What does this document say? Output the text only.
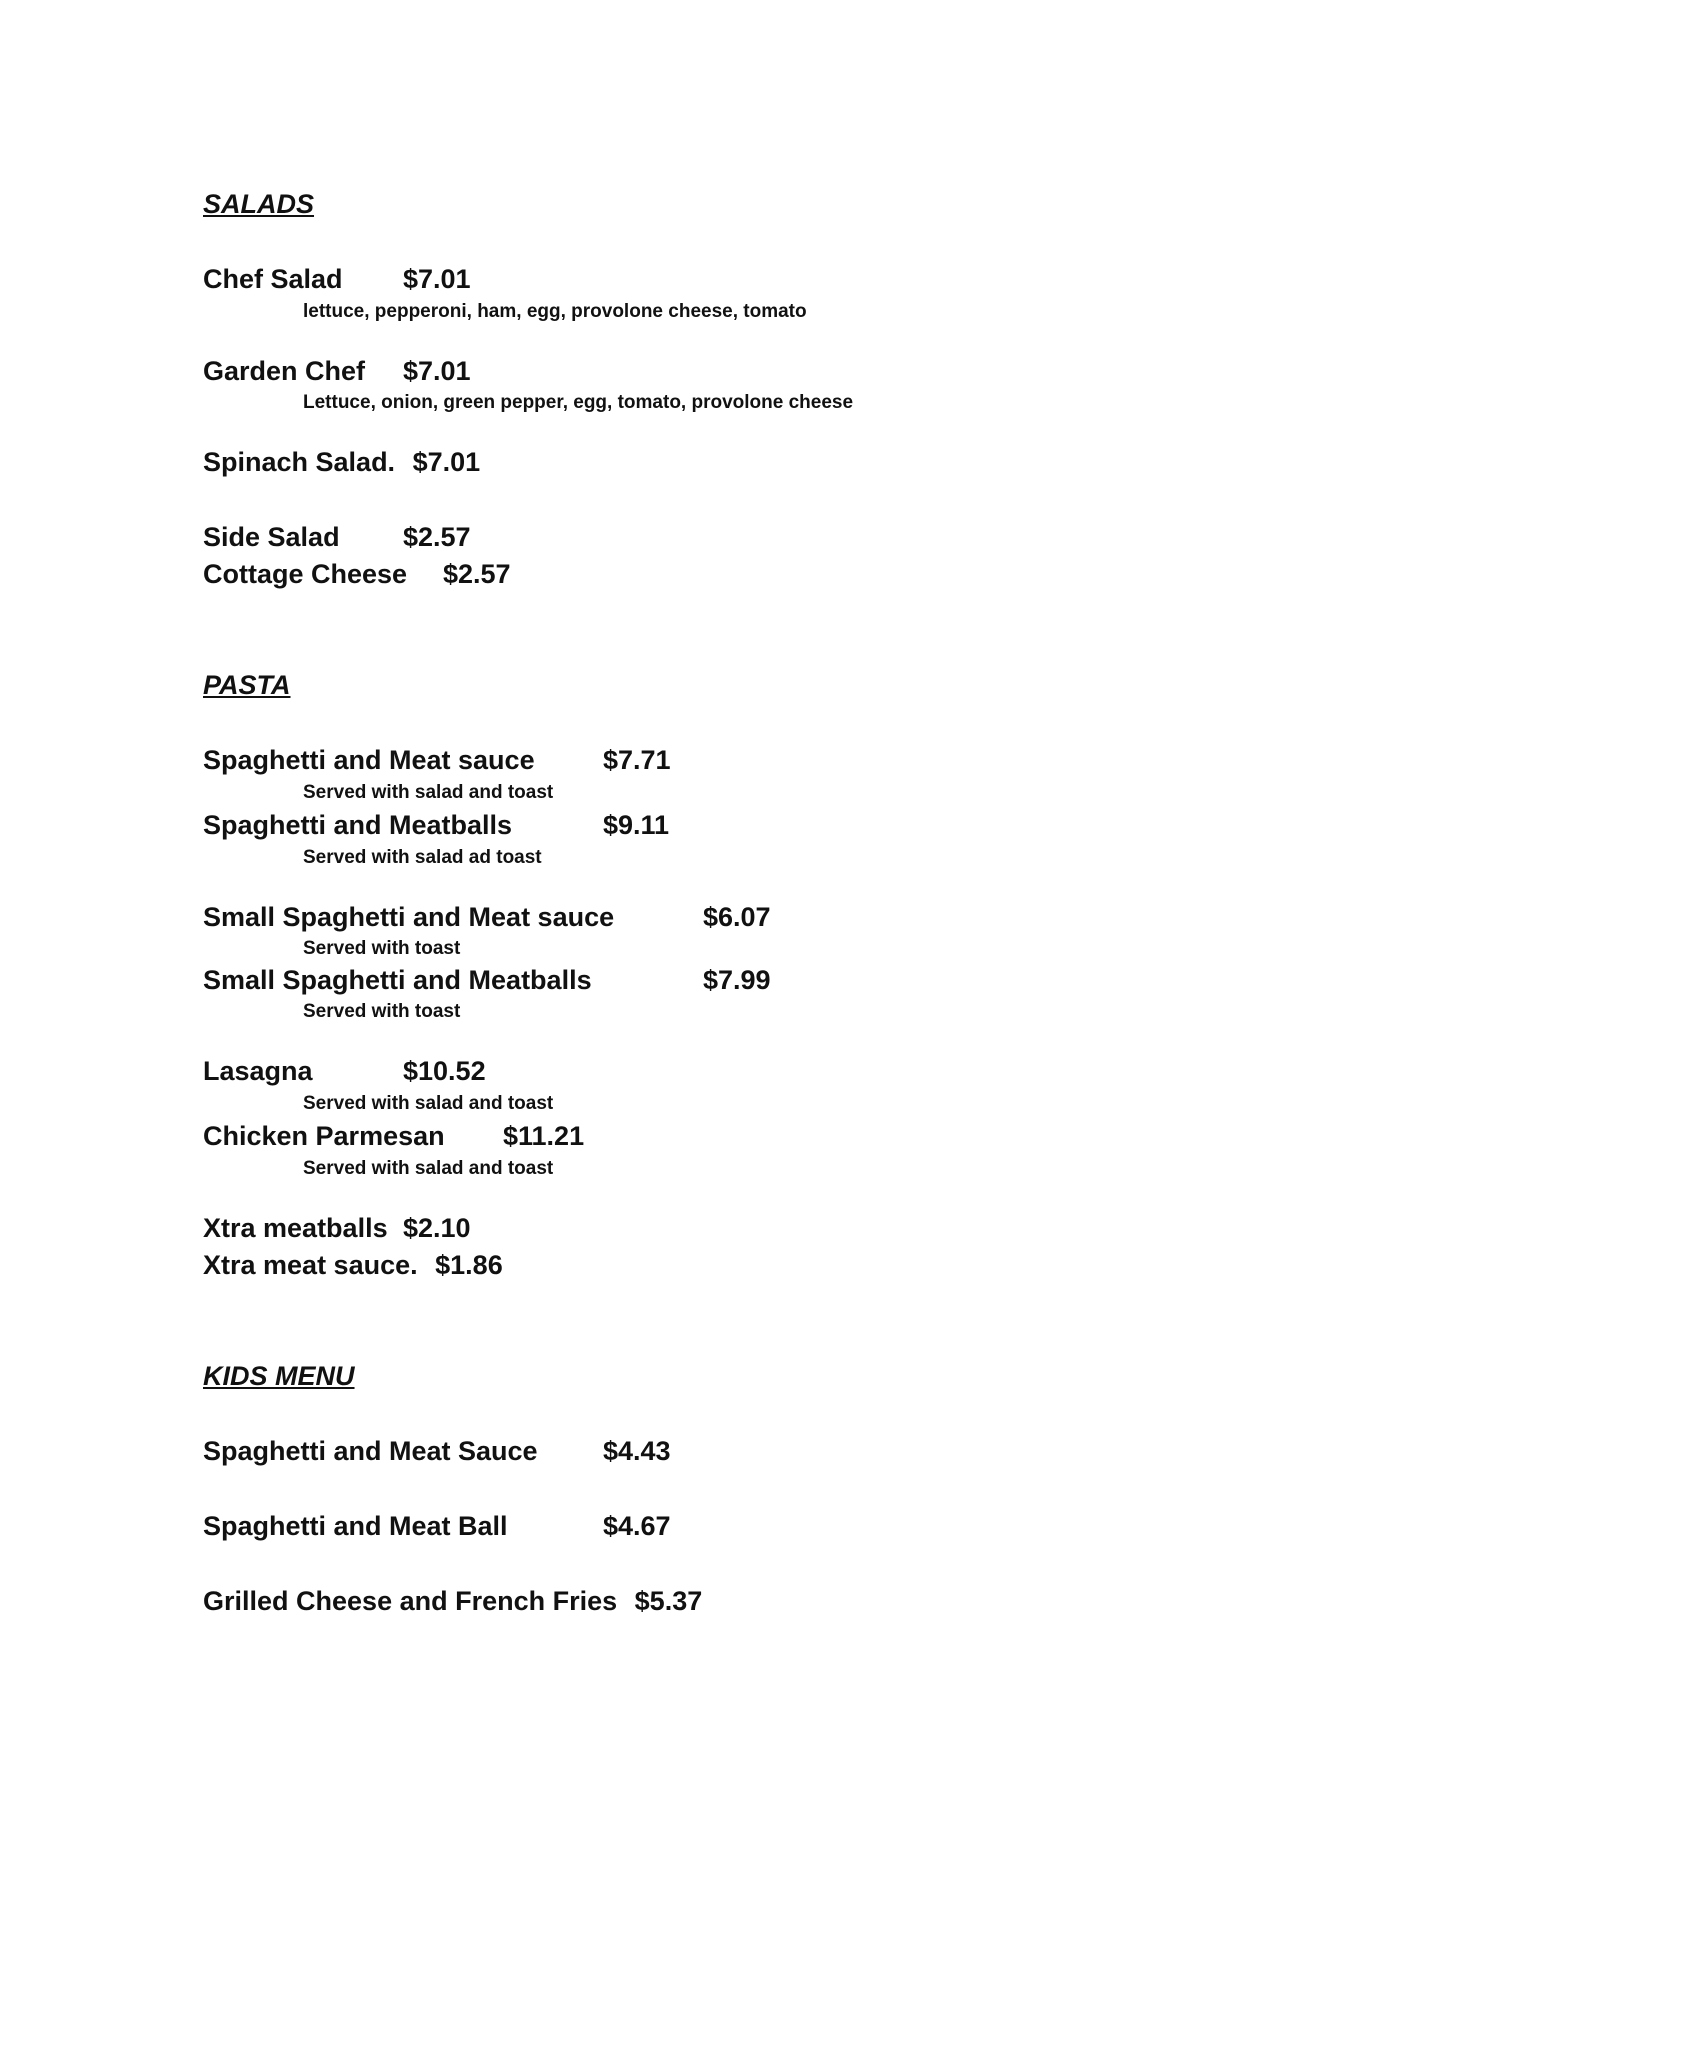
SALADS
Chef Salad $7.01
lettuce, pepperoni, ham, egg, provolone cheese, tomato
Garden Chef $7.01
Lettuce, onion, green pepper, egg, tomato, provolone cheese
Spinach Salad. $7.01
Side Salad $2.57
Cottage Cheese $2.57
PASTA
Spaghetti and Meat sauce	$7.71
Served with salad and toast
Spaghetti and Meatballs	$9.11
Served with salad ad toast
Small Spaghetti and Meat sauce	$6.07
Served with toast
Small Spaghetti and Meatballs	$7.99
Served with toast
Lasagna	$10.52
Served with salad and toast
Chicken Parmesan $11.21
Served with salad and toast
Xtra meatballs $2.10
Xtra meat sauce. $1.86
KIDS MENU
Spaghetti and Meat Sauce $4.43
Spaghetti and Meat Ball	$4.67
Grilled Cheese and French Fries $5.37
